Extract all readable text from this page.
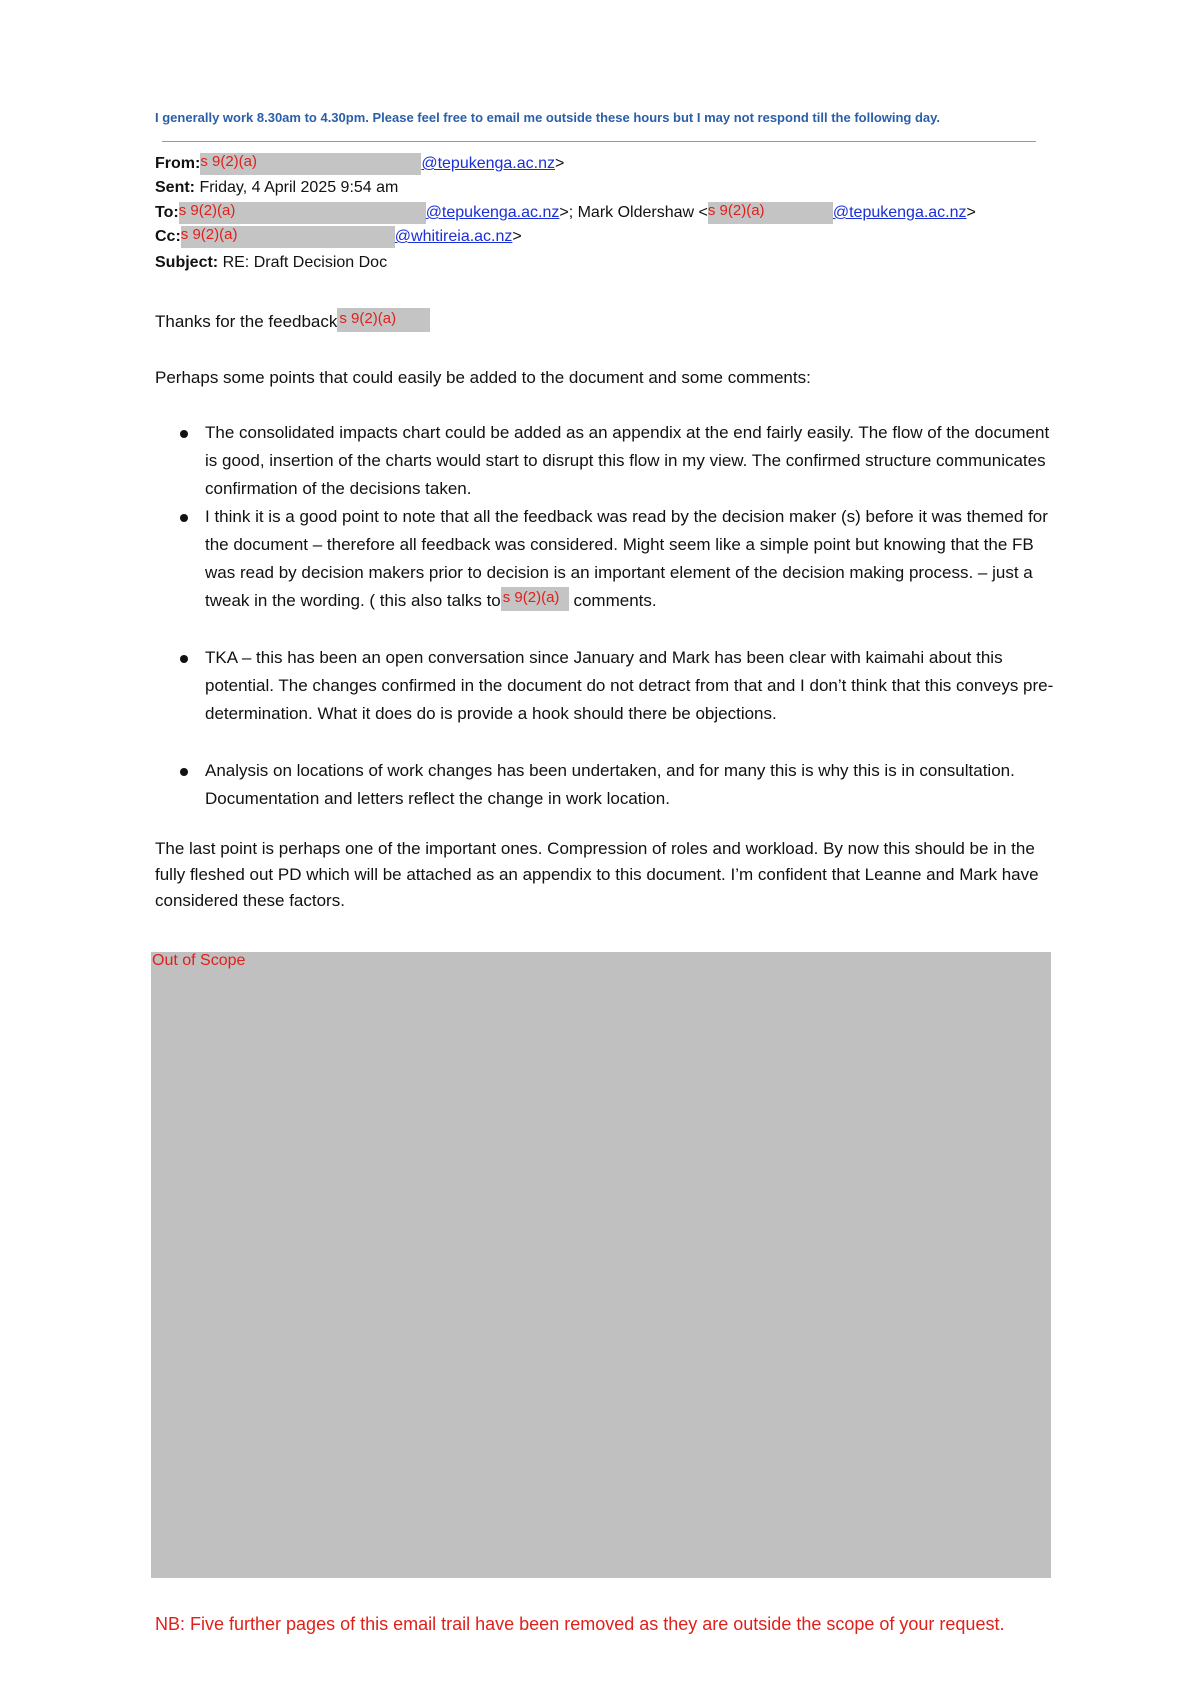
I generally work 8.30am to 4.30pm. Please feel free to email me outside these hours but I may not respond till the following day.
From:s 9(2)(a)	@tepukenga.ac.nz>
Sent: Friday, 4 April 2025 9:54 am
To:s 9(2)(a)	@tepukenga.ac.nz>; Mark Oldershaw <s 9(2)(a)	@tepukenga.ac.nz>
Cc:s 9(2)(a)	@whitireia.ac.nz>
Subject: RE: Draft Decision Doc
Thanks for the feedback s 9(2)(a)
Perhaps some points that could easily be added to the document and some comments:
The consolidated impacts chart could be added as an appendix at the end fairly easily. The flow of the document is good, insertion of the charts would start to disrupt this flow in my view. The confirmed structure communicates confirmation of the decisions taken.
I think it is a good point to note that all the feedback was read by the decision maker (s) before it was themed for the document – therefore all feedback was considered. Might seem like a simple point but knowing that the FB was read by decision makers prior to decision is an important element of the decision making process. – just a tweak in the wording. ( this also talks to s 9(2)(a) comments.
TKA – this has been an open conversation since January and Mark has been clear with kaimahi about this potential. The changes confirmed in the document do not detract from that and I don’t think that this conveys pre-determination. What it does do is provide a hook should there be objections.
Analysis on locations of work changes has been undertaken, and for many this is why this is in consultation. Documentation and letters reflect the change in work location.
The last point is perhaps one of the important ones. Compression of roles and workload. By now this should be in the fully fleshed out PD which will be attached as an appendix to this document. I’m confident that Leanne and Mark have considered these factors.
Out of Scope
NB: Five further pages of this email trail have been removed as they are outside the scope of your request.
